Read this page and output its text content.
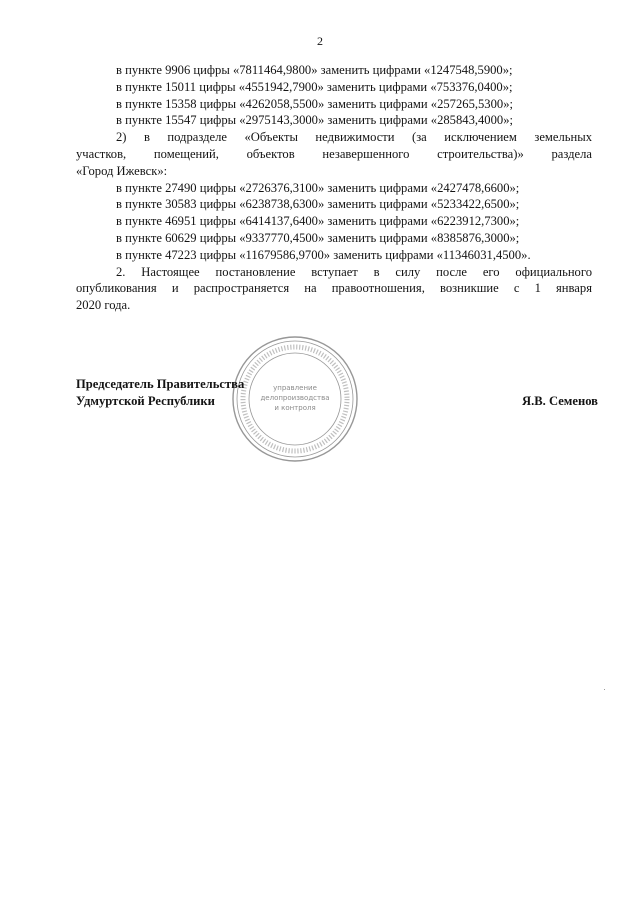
2
в пункте 9906 цифры «7811464,9800» заменить цифрами «1247548,5900»;
в пункте 15011 цифры «4551942,7900» заменить цифрами «753376,0400»;
в пункте 15358 цифры «4262058,5500» заменить цифрами «257265,5300»;
в пункте 15547 цифры «2975143,3000» заменить цифрами «285843,4000»;
2) в подразделе «Объекты недвижимости (за исключением земельных
участков, помещений, объектов незавершенного строительства)» раздела
«Город Ижевск»:
в пункте 27490 цифры «2726376,3100» заменить цифрами «2427478,6600»;
в пункте 30583 цифры «6238738,6300» заменить цифрами «5233422,6500»;
в пункте 46951 цифры «6414137,6400» заменить цифрами «6223912,7300»;
в пункте 60629 цифры «9337770,4500» заменить цифрами «8385876,3000»;
в пункте 47223 цифры «11679586,9700» заменить цифрами «11346031,4500».
2. Настоящее постановление вступает в силу после его официального
опубликования и распространяется на правоотношения, возникшие с 1 января
2020 года.
управление
делопроизводства
и контроля
Председатель Правительства
Удмуртской Республики	Я.В. Семенов
